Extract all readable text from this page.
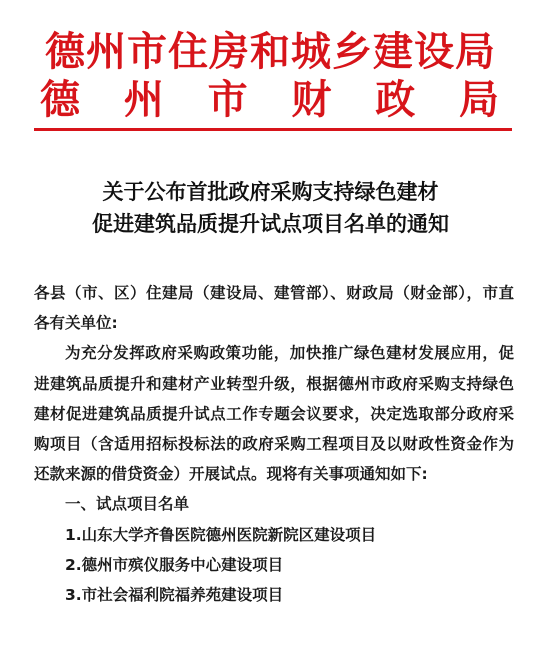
德州市住房和城乡建设局
德 州 市 财 政 局
关于公布首批政府采购支持绿色建材
促进建筑品质提升试点项目名单的通知

各县（市、区）住建局（建设局、建管部）、财政局（财金部），市直各有关单位:

为充分发挥政府采购政策功能，加快推广绿色建材发展应用，促进建筑品质提升和建材产业转型升级，根据德州市政府采购支持绿色建材促进建筑品质提升试点工作专题会议要求，决定选取部分政府采购项目（含适用招标投标法的政府采购工程项目及以财政性资金作为还款来源的借贷资金）开展试点。现将有关事项通知如下:

一、试点项目名单

1.山东大学齐鲁医院德州医院新院区建设项目

2.德州市殡仪服务中心建设项目

3.市社会福利院福养苑建设项目
